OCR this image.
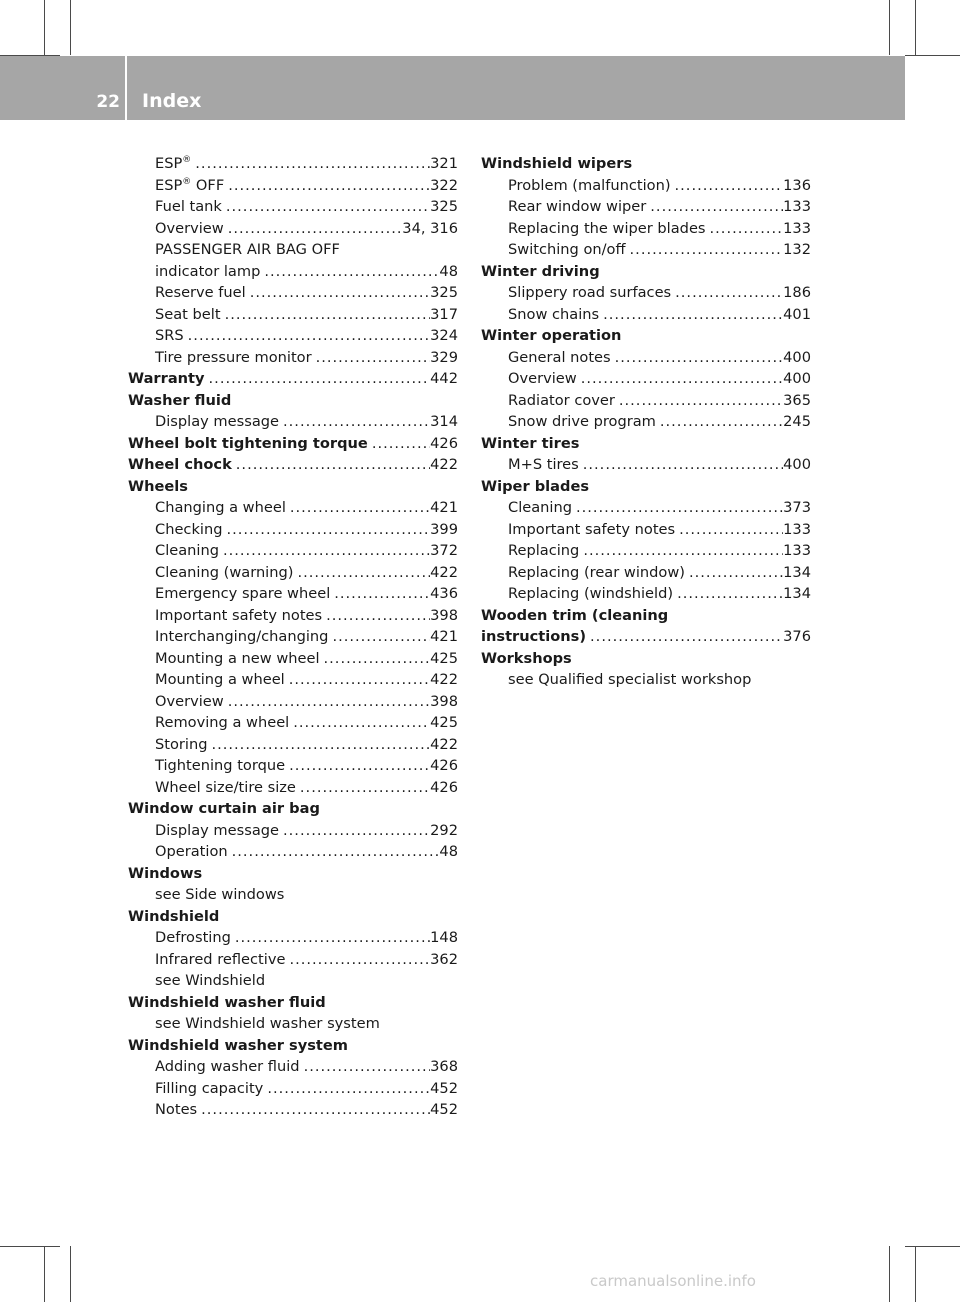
22 Index
ESP® .....	321
ESP® OFF .....	322
Fuel tank .....	325
Overview .....	34, 316
PASSENGER AIR BAG OFF
indicator lamp .....	48
Reserve fuel .....	325
Seat belt .....	317
SRS .....	324
Tire pressure monitor .....	329
Warranty .....	442
Washer fluid
Display message .....	314
Wheel bolt tightening torque .....	426
Wheel chock .....	422
Wheels
Changing a wheel .....	421
Checking .....	399
Cleaning .....	372
Cleaning (warning) .....	422
Emergency spare wheel .....	436
Important safety notes .....	398
Interchanging/changing .....	421
Mounting a new wheel .....	425
Mounting a wheel .....	422
Overview .....	398
Removing a wheel .....	425
Storing .....	422
Tightening torque .....	426
Wheel size/tire size .....	426
Window curtain air bag
Display message .....	292
Operation .....	48
Windows
see Side windows
Windshield
Defrosting .....	148
Infrared reflective .....	362
see Windshield
Windshield washer fluid
see Windshield washer system
Windshield washer system
Adding washer fluid .....	368
Filling capacity .....	452
Notes .....	452
Windshield wipers
Problem (malfunction) .....	136
Rear window wiper .....	133
Replacing the wiper blades .....	133
Switching on/off .....	132
Winter driving
Slippery road surfaces .....	186
Snow chains .....	401
Winter operation
General notes .....	400
Overview .....	400
Radiator cover .....	365
Snow drive program .....	245
Winter tires
M+S tires .....	400
Wiper blades
Cleaning .....	373
Important safety notes .....	133
Replacing .....	133
Replacing (rear window) .....	134
Replacing (windshield) .....	134
Wooden trim (cleaning
instructions) .....	376
Workshops
see Qualified specialist workshop
carmanualsonline.info
